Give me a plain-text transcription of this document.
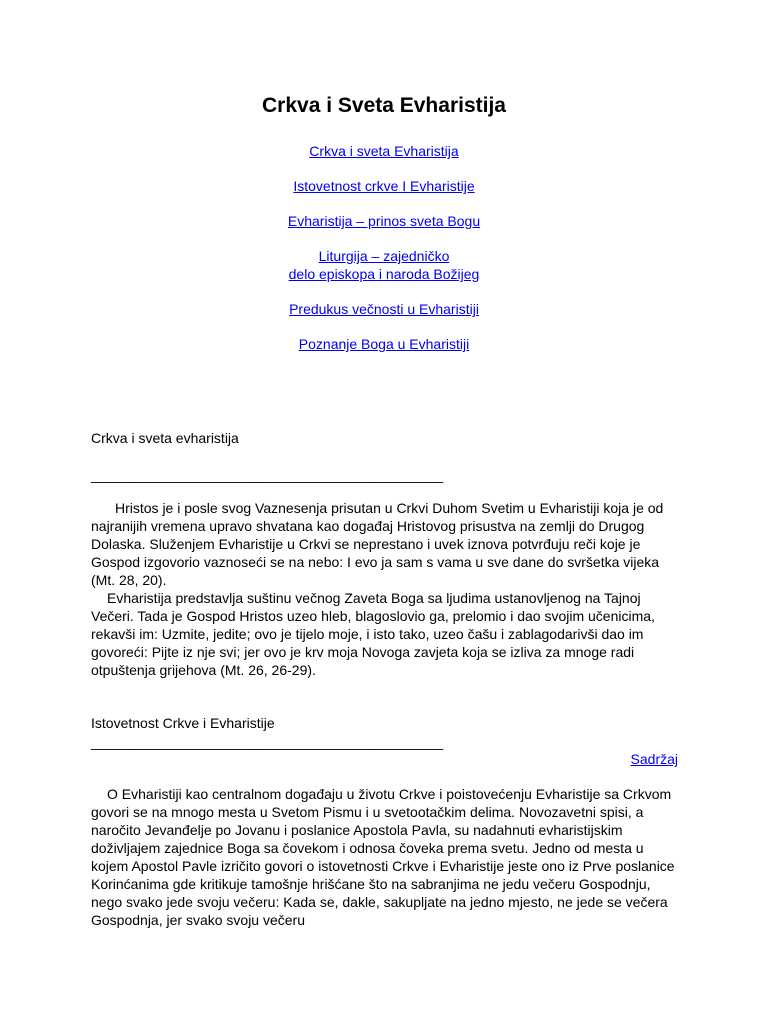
Crkva i Sveta Evharistija
Crkva i sveta Evharistija
Istovetnost crkve I Evharistije
Evharistija – prinos sveta Bogu
Liturgija – zajedničko
delo episkopa i naroda Božijeg
Predukus večnosti u Evharistiji
Poznanje Boga u Evharistiji
Crkva i sveta evharistija
_______________________________________________

Hristos je i posle svog Vaznesenja prisutan u Crkvi Duhom Svetim u Evharistiji koja je od najranijih vremena upravo shvatana kao događaj Hristovog prisustva na zemlji do Drugog Dolaska. Služenjem Evharistije u Crkvi se neprestano i uvek iznova potvrđuju reči koje je Gospod izgovorio vaznoseći se na nebo: I evo ja sam s vama u sve dane do svršetka vijeka (Mt. 28, 20).

Evharistija predstavlja suštinu večnog Zaveta Boga sa ljudima ustanovljenog na Tajnoj Večeri. Tada je Gospod Hristos uzeo hleb, blagoslovio ga, prelomio i dao svojim učenicima, rekavši im: Uzmite, jedite; ovo je tijelo moje, i isto tako, uzeo čašu i zablagodarivši dao im govoreći: Pijte iz nje svi; jer ovo je krv moja Novoga zavjeta koja se izliva za mnoge radi otpuštenja grijehova (Mt. 26, 26-29).

Istovetnost Crkve i Evharistije
_______________________________________________
Sadržaj

O Evharistiji kao centralnom događaju u životu Crkve i poistovećenju Evharistije sa Crkvom govori se na mnogo mesta u Svetom Pismu i u svetootačkim delima. Novozavetni spisi, a naročito Jevanđelje po Jovanu i poslanice Apostola Pavla, su nadahnuti evharistijskim doživljajem zajednice Boga sa čovekom i odnosa čoveka prema svetu. Jedno od mesta u kojem Apostol Pavle izričito govori o istovetnosti Crkve i Evharistije jeste ono iz Prve poslanice Korinćanima gde kritikuje tamošnje hrišćane što na sabranjima ne jedu večeru Gospodnju, nego svako jede svoju večeru: Kada se, dakle, sakupljate na jedno mjesto, ne jede se večera Gospodnja, jer svako svoju večeru
